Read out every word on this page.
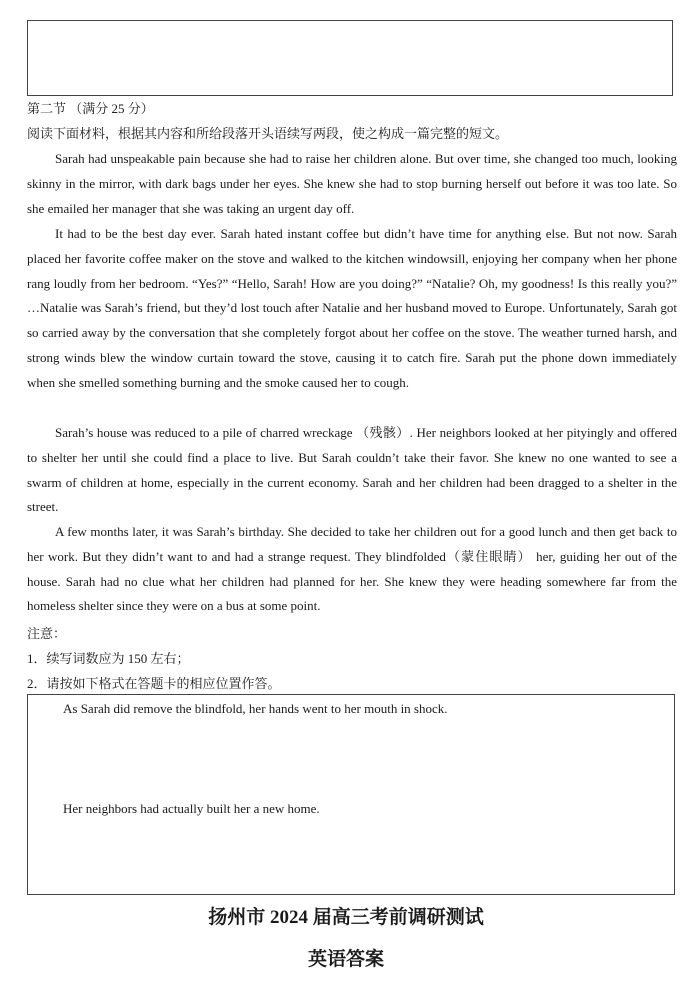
第二节 （满分 25 分）
阅读下面材料，根据其内容和所给段落开头语续写两段，使之构成一篇完整的短文。

Sarah had unspeakable pain because she had to raise her children alone. But over time, she changed too much, looking skinny in the mirror, with dark bags under her eyes. She knew she had to stop burning herself out before it was too late. So she emailed her manager that she was taking an urgent day off.

It had to be the best day ever. Sarah hated instant coffee but didn’t have time for anything else. But not now. Sarah placed her favorite coffee maker on the stove and walked to the kitchen windowsill, enjoying her company when her phone rang loudly from her bedroom. “Yes?” “Hello, Sarah! How are you doing?” “Natalie? Oh, my goodness! Is this really you?” …Natalie was Sarah’s friend, but they’d lost touch after Natalie and her husband moved to Europe. Unfortunately, Sarah got so carried away by the conversation that she completely forgot about her coffee on the stove. The weather turned harsh, and strong winds blew the window curtain toward the stove, causing it to catch fire. Sarah put the phone down immediately when she smelled something burning and the smoke caused her to cough.

Sarah’s house was reduced to a pile of charred wreckage （残骸）. Her neighbors looked at her pityingly and offered to shelter her until she could find a place to live. But Sarah couldn’t take their favor. She knew no one wanted to see a swarm of children at home, especially in the current economy. Sarah and her children had been dragged to a shelter in the street.

A few months later, it was Sarah’s birthday. She decided to take her children out for a good lunch and then get back to her work. But they didn’t want to and had a strange request. They blindfolded（蒙住眼睛） her, guiding her out of the house. Sarah had no clue what her children had planned for her. She knew they were heading somewhere far from the homeless shelter since they were on a bus at some point.

注意：
1．续写词数应为 150 左右；
2．请按如下格式在答题卡的相应位置作答。
As Sarah did remove the blindfold, her hands went to her mouth in shock.
Her neighbors had actually built her a new home.
扬州市 2024 届高三考前调研测试
英语答案
